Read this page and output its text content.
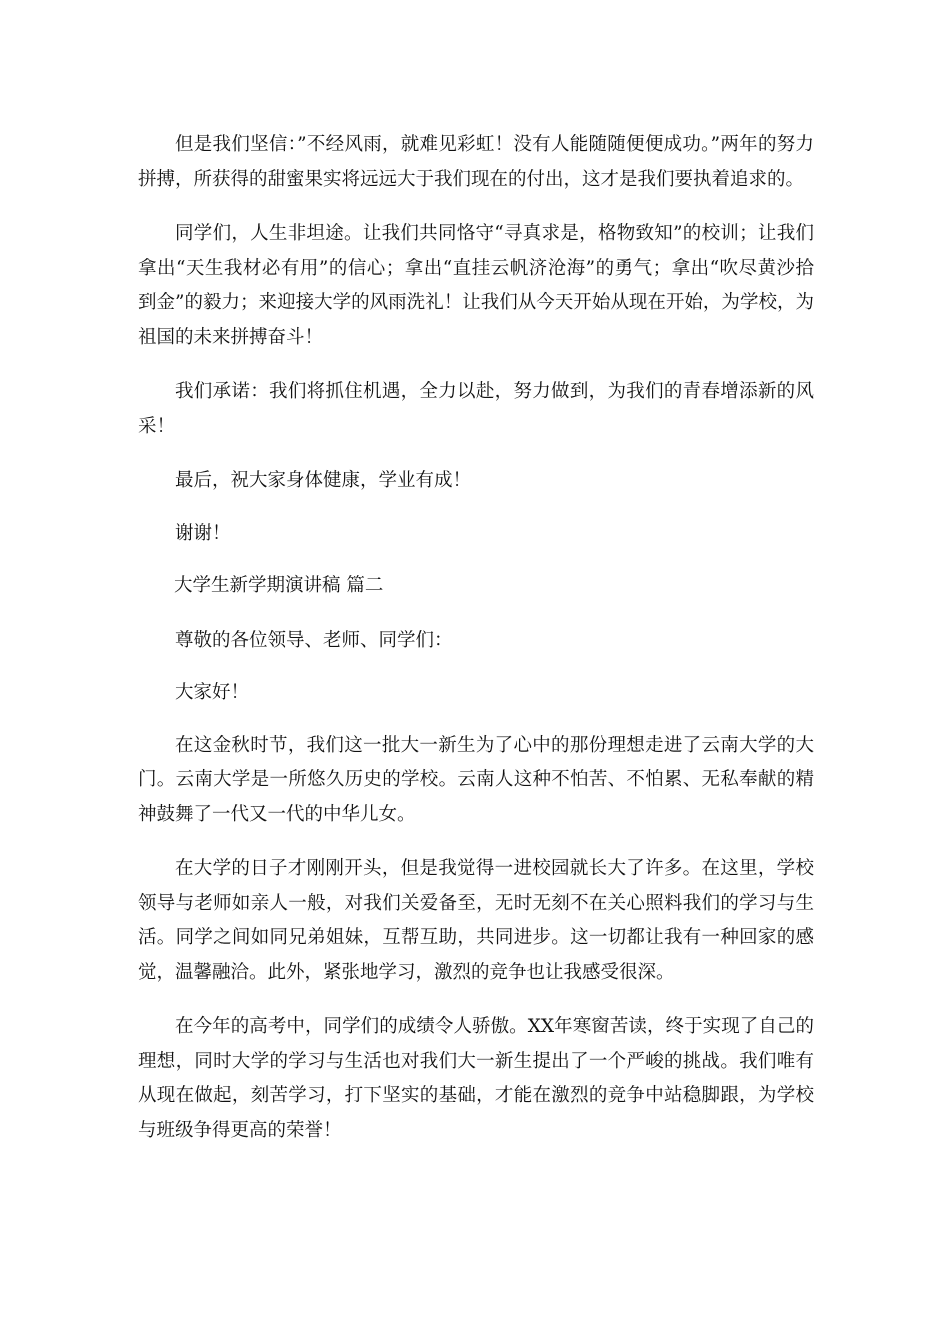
但是我们坚信：”不经风雨，就难见彩虹！没有人能随随便便成功。”两年的努力拼搏，所获得的甜蜜果实将远远大于我们现在的付出，这才是我们要执着追求的。

同学们，人生非坦途。让我们共同恪守“寻真求是，格物致知”的校训；让我们拿出“天生我材必有用”的信心；拿出“直挂云帆济沧海”的勇气；拿出“吹尽黄沙拾到金”的毅力；来迎接大学的风雨洗礼！让我们从今天开始从现在开始，为学校，为祖国的未来拼搏奋斗！

我们承诺：我们将抓住机遇，全力以赴，努力做到，为我们的青春增添新的风采！

最后，祝大家身体健康，学业有成！

谢谢！

大学生新学期演讲稿 篇二

尊敬的各位领导、老师、同学们：

大家好！

在这金秋时节，我们这一批大一新生为了心中的那份理想走进了云南大学的大门。云南大学是一所悠久历史的学校。云南人这种不怕苦、不怕累、无私奉献的精神鼓舞了一代又一代的中华儿女。

在大学的日子才刚刚开头，但是我觉得一进校园就长大了许多。在这里，学校领导与老师如亲人一般，对我们关爱备至，无时无刻不在关心照料我们的学习与生活。同学之间如同兄弟姐妹，互帮互助，共同进步。这一切都让我有一种回家的感觉，温馨融洽。此外，紧张地学习，激烈的竞争也让我感受很深。

在今年的高考中，同学们的成绩令人骄傲。XX年寒窗苦读，终于实现了自己的理想，同时大学的学习与生活也对我们大一新生提出了一个严峻的挑战。我们唯有从现在做起，刻苦学习，打下坚实的基础，才能在激烈的竞争中站稳脚跟，为学校与班级争得更高的荣誉！
